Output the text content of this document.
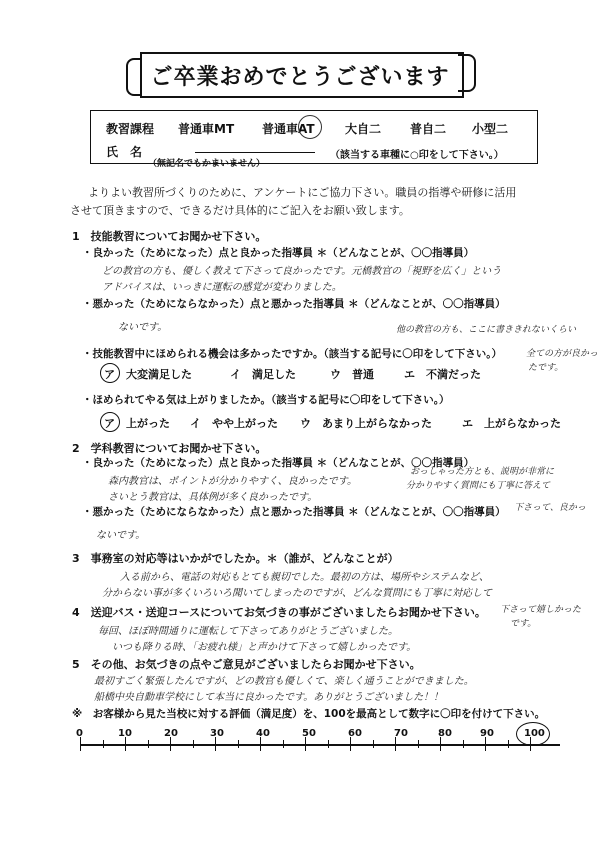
ご卒業おめでとうございます
教習課程 普通車MT 普通車AT	大自二 普自二 小型二
氏　名
（無記名でもかまいません）
（該当する車種に○印をして下さい。）
よりよい教習所づくりのために、アンケートにご協力下さい。職員の指導や研修に活用
させて頂きますので、できるだけ具体的にご記入をお願い致します。
1　技能教習についてお聞かせ下さい。
・良かった（ためになった）点と良かった指導員 ＊（どんなことが、〇〇指導員）
どの教官の方も、優しく教えて下さって良かったです。元橋教官の「視野を広く」という
アドバイスは、いっきに運転の感覚が変わりました。
・悪かった（ためにならなかった）点と悪かった指導員 ＊（どんなことが、〇〇指導員）
ないです。	他の教官の方も、ここに書ききれないくらい
・技能教習中にほめられる機会は多かったですか。（該当する記号に〇印をして下さい。）	全ての方が良かっ
たです。
ア　大変満足した	イ　満足した	ウ　普通	エ　不満だった
・ほめられてやる気は上がりましたか。（該当する記号に〇印をして下さい。）
ア　上がった イ　やや上がった ウ　あまり上がらなかった	エ　上がらなかった
2　学科教習についてお聞かせ下さい。
・良かった（ためになった）点と良かった指導員 ＊（どんなことが、〇〇指導員）
おっしゃった方とも、説明が非常に
分かりやすく質問にも丁寧に答えて
森内教官は、ポイントが分かりやすく、良かったです。
さいとう教官は、具体例が多く良かったです。
下さって、良かっ
・悪かった（ためにならなかった）点と悪かった指導員 ＊（どんなことが、〇〇指導員）
ないです。
3　事務室の対応等はいかがでしたか。＊（誰が、どんなことが）
入る前から、電話の対応もとても親切でした。最初の方は、場所やシステムなど、
分からない事が多くいろいろ聞いてしまったのですが、どんな質問にも丁寧に対応して
4　送迎バス・送迎コースについてお気づきの事がございましたらお聞かせ下さい。 下さって嬉しかった
です。
毎回、ほぼ時間通りに運転して下さってありがとうございました。
いつも降りる時、「お疲れ様」と声かけて下さって嬉しかったです。
5　その他、お気づきの点やご意見がございましたらお聞かせ下さい。
最初すごく緊張したんですが、どの教官も優しくて、楽しく通うことができました。
船橋中央自動車学校にして本当に良かったです。ありがとうございました！！
※　お客様から見た当校に対する評価（満足度）を、100を最高として数字に〇印を付けて下さい。
0	10	20	30	40	50	60	70	80	90	100
